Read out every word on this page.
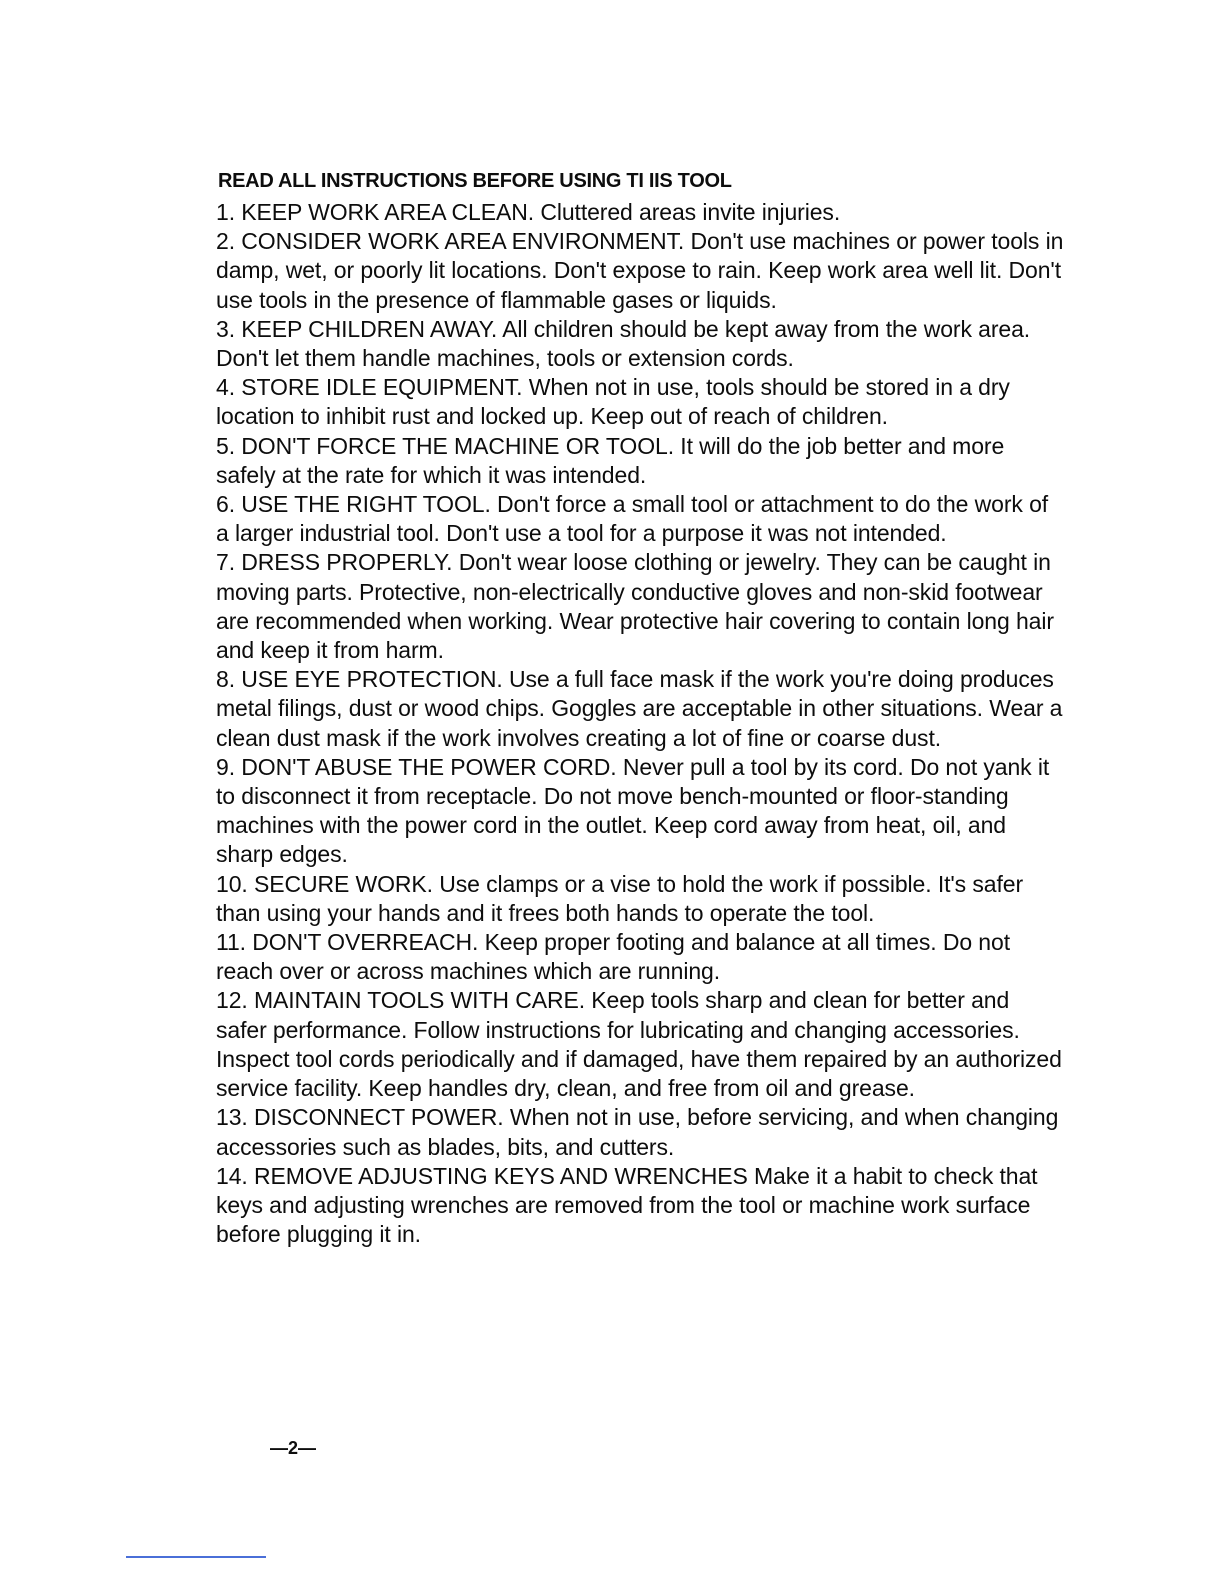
READ ALL INSTRUCTIONS BEFORE USING TI IIS TOOL

1. KEEP WORK AREA CLEAN. Cluttered areas invite injuries.

2. CONSIDER WORK AREA ENVIRONMENT. Don't use machines or power tools in damp, wet, or poorly lit locations. Don't expose to rain. Keep work area well lit. Don't use tools in the presence of flammable gases or liquids.

3. KEEP CHILDREN AWAY. All children should be kept away from the work area. Don't let them handle machines, tools or extension cords.

4. STORE IDLE EQUIPMENT. When not in use, tools should be stored in a dry location to inhibit rust and locked up. Keep out of reach of children.

5. DON'T FORCE THE MACHINE OR TOOL. It will do the job better and more safely at the rate for which it was intended.

6. USE THE RIGHT TOOL. Don't force a small tool or attachment to do the work of a larger industrial tool. Don't use a tool for a purpose it was not intended.

7. DRESS PROPERLY. Don't wear loose clothing or jewelry. They can be caught in moving parts. Protective, non-electrically conductive gloves and non-skid footwear are recommended when working. Wear protective hair covering to contain long hair and keep it from harm.

8. USE EYE PROTECTION. Use a full face mask if the work you're doing produces metal filings, dust or wood chips. Goggles are acceptable in other situations. Wear a clean dust mask if the work involves creating a lot of fine or coarse dust.

9. DON'T ABUSE THE POWER CORD. Never pull a tool by its cord. Do not yank it to disconnect it from receptacle. Do not move bench-mounted or floor-standing machines with the power cord in the outlet. Keep cord away from heat, oil, and sharp edges.

10. SECURE WORK. Use clamps or a vise to hold the work if possible. It's safer than using your hands and it frees both hands to operate the tool.

11. DON'T OVERREACH. Keep proper footing and balance at all times. Do not reach over or across machines which are running.

12. MAINTAIN TOOLS WITH CARE. Keep tools sharp and clean for better and safer performance. Follow instructions for lubricating and changing accessories. Inspect tool cords periodically and if damaged, have them repaired by an authorized service facility. Keep handles dry, clean, and free from oil and grease.

13. DISCONNECT POWER. When not in use, before servicing, and when changing accessories such as blades, bits, and cutters.

14. REMOVE ADJUSTING KEYS AND WRENCHES Make it a habit to check that keys and adjusting wrenches are removed from the tool or machine work surface before plugging it in.

—2—
